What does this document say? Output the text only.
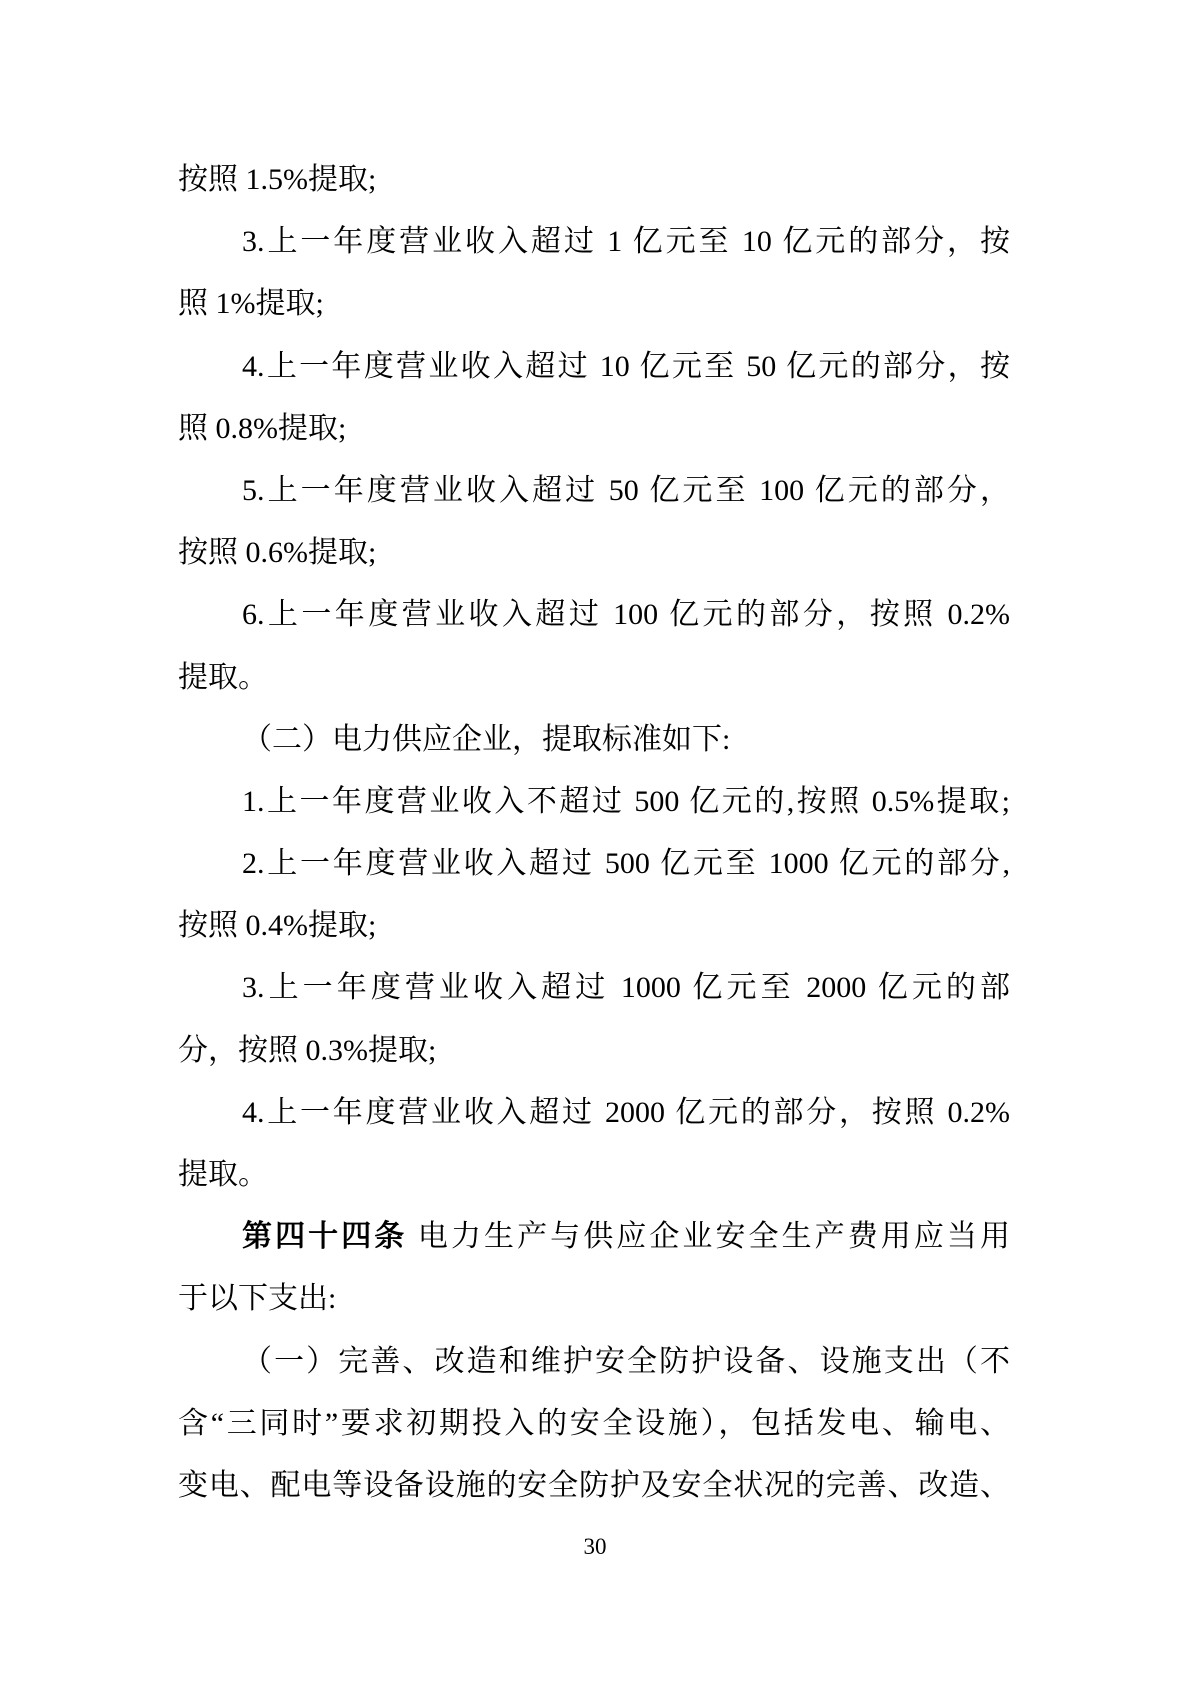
按照 1.5%提取;
3.上一年度营业收入超过 1 亿元至 10 亿元的部分，按
照 1%提取;
4.上一年度营业收入超过 10 亿元至 50 亿元的部分，按
照 0.8%提取;
5.上一年度营业收入超过 50 亿元至 100 亿元的部分，
按照 0.6%提取;
6.上一年度营业收入超过 100 亿元的部分，按照 0.2%
提取。
（二）电力供应企业，提取标准如下:
1.上一年度营业收入不超过 500 亿元的,按照 0.5%提取;
2.上一年度营业收入超过 500 亿元至 1000 亿元的部分,
按照 0.4%提取;
3.上一年度营业收入超过 1000 亿元至 2000 亿元的部
分，按照 0.3%提取;
4.上一年度营业收入超过 2000 亿元的部分，按照 0.2%
提取。
第四十四条 电力生产与供应企业安全生产费用应当用
于以下支出:
（一）完善、改造和维护安全防护设备、设施支出（不
含“三同时”要求初期投入的安全设施），包括发电、输电、
变电、配电等设备设施的安全防护及安全状况的完善、改造、
30
